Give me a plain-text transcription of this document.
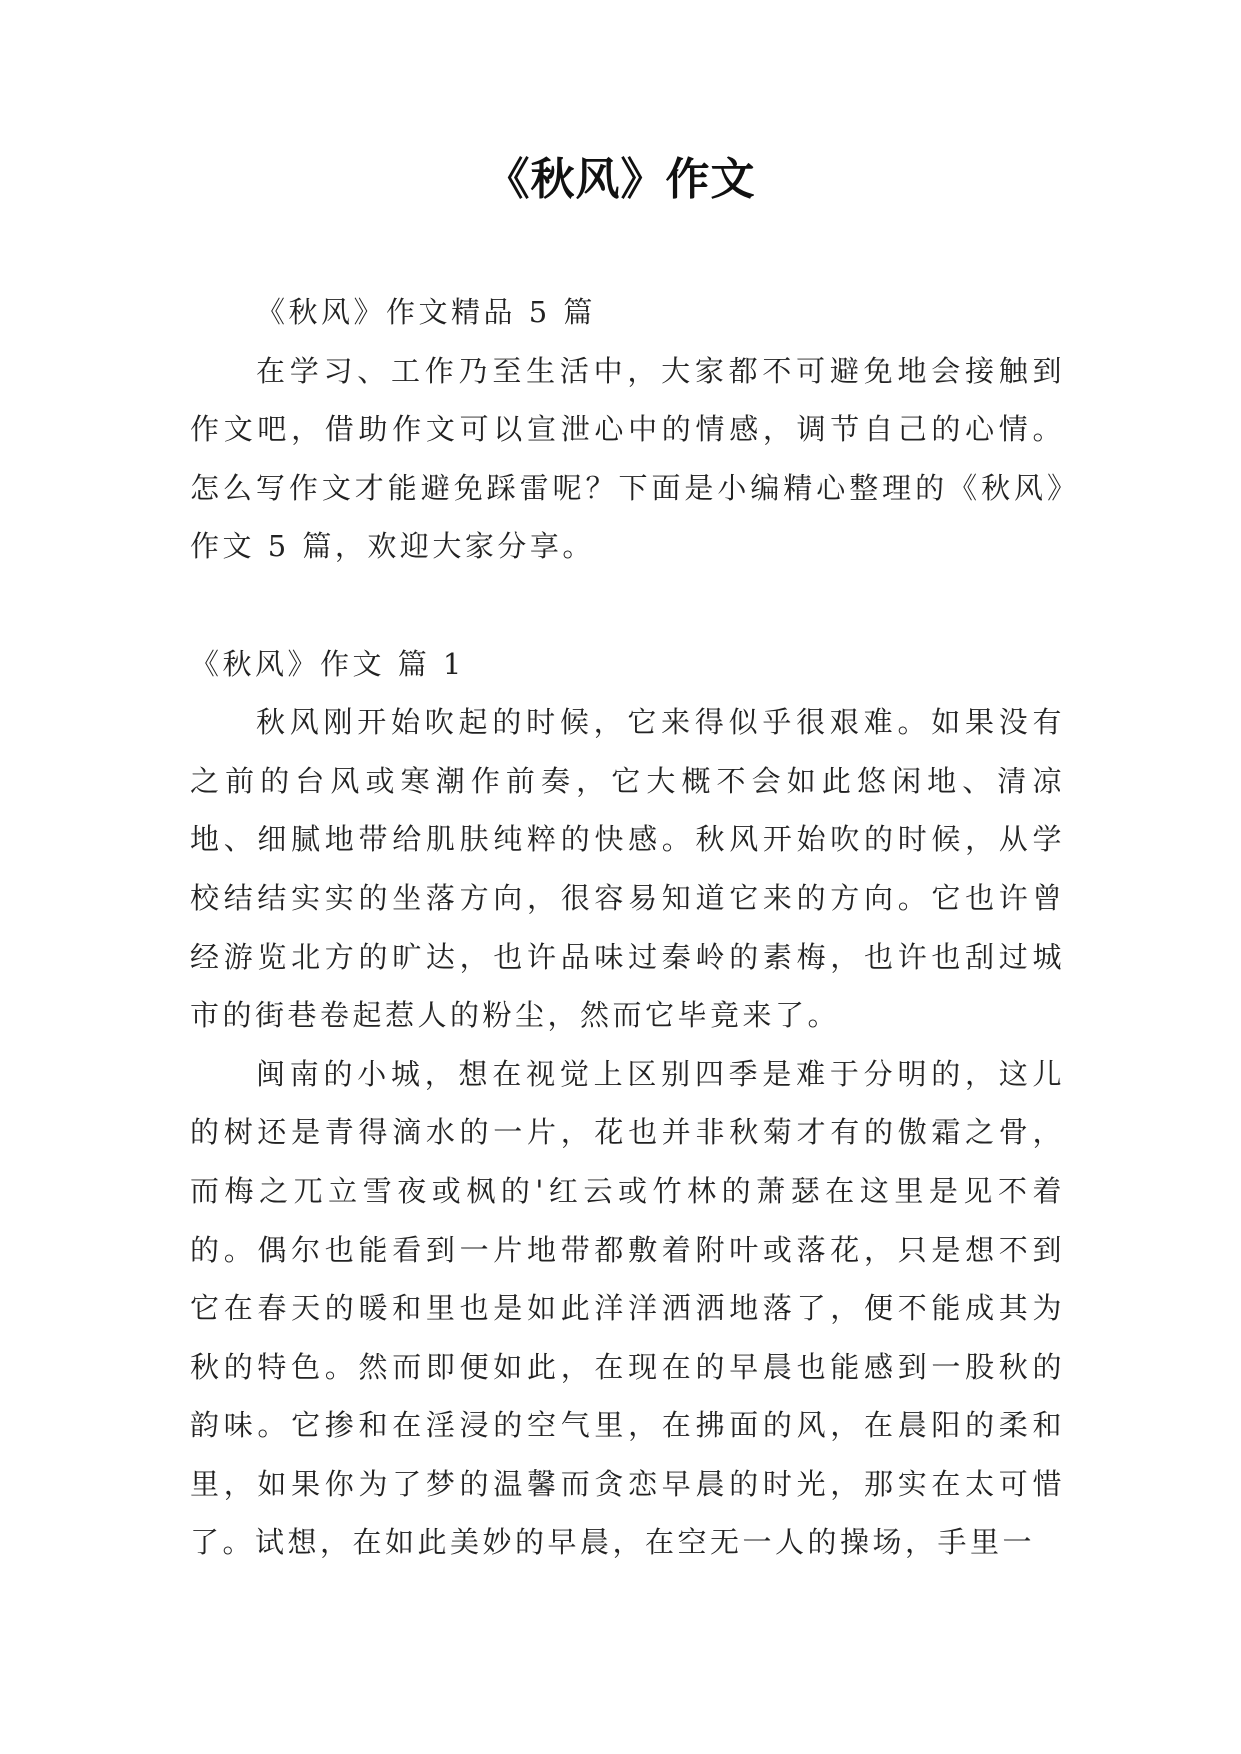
《秋风》作文

《秋风》作文精品 5 篇

在学习、工作乃至生活中，大家都不可避免地会接触到作文吧，借助作文可以宣泄心中的情感，调节自己的心情。怎么写作文才能避免踩雷呢？下面是小编精心整理的《秋风》作文 5 篇，欢迎大家分享。

《秋风》作文 篇 1

秋风刚开始吹起的时候，它来得似乎很艰难。如果没有之前的台风或寒潮作前奏，它大概不会如此悠闲地、清凉地、细腻地带给肌肤纯粹的快感。秋风开始吹的时候，从学校结结实实的坐落方向，很容易知道它来的方向。它也许曾经游览北方的旷达，也许品味过秦岭的素梅，也许也刮过城市的街巷卷起惹人的粉尘，然而它毕竟来了。

闽南的小城，想在视觉上区别四季是难于分明的，这儿的树还是青得滴水的一片，花也并非秋菊才有的傲霜之骨，而梅之兀立雪夜或枫的'红云或竹林的萧瑟在这里是见不着的。偶尔也能看到一片地带都敷着附叶或落花，只是想不到它在春天的暖和里也是如此洋洋洒洒地落了，便不能成其为秋的特色。然而即便如此，在现在的早晨也能感到一股秋的韵味。它掺和在淫浸的空气里，在拂面的风，在晨阳的柔和里，如果你为了梦的温馨而贪恋早晨的时光，那实在太可惜了。试想，在如此美妙的早晨，在空无一人的操场，手里一
